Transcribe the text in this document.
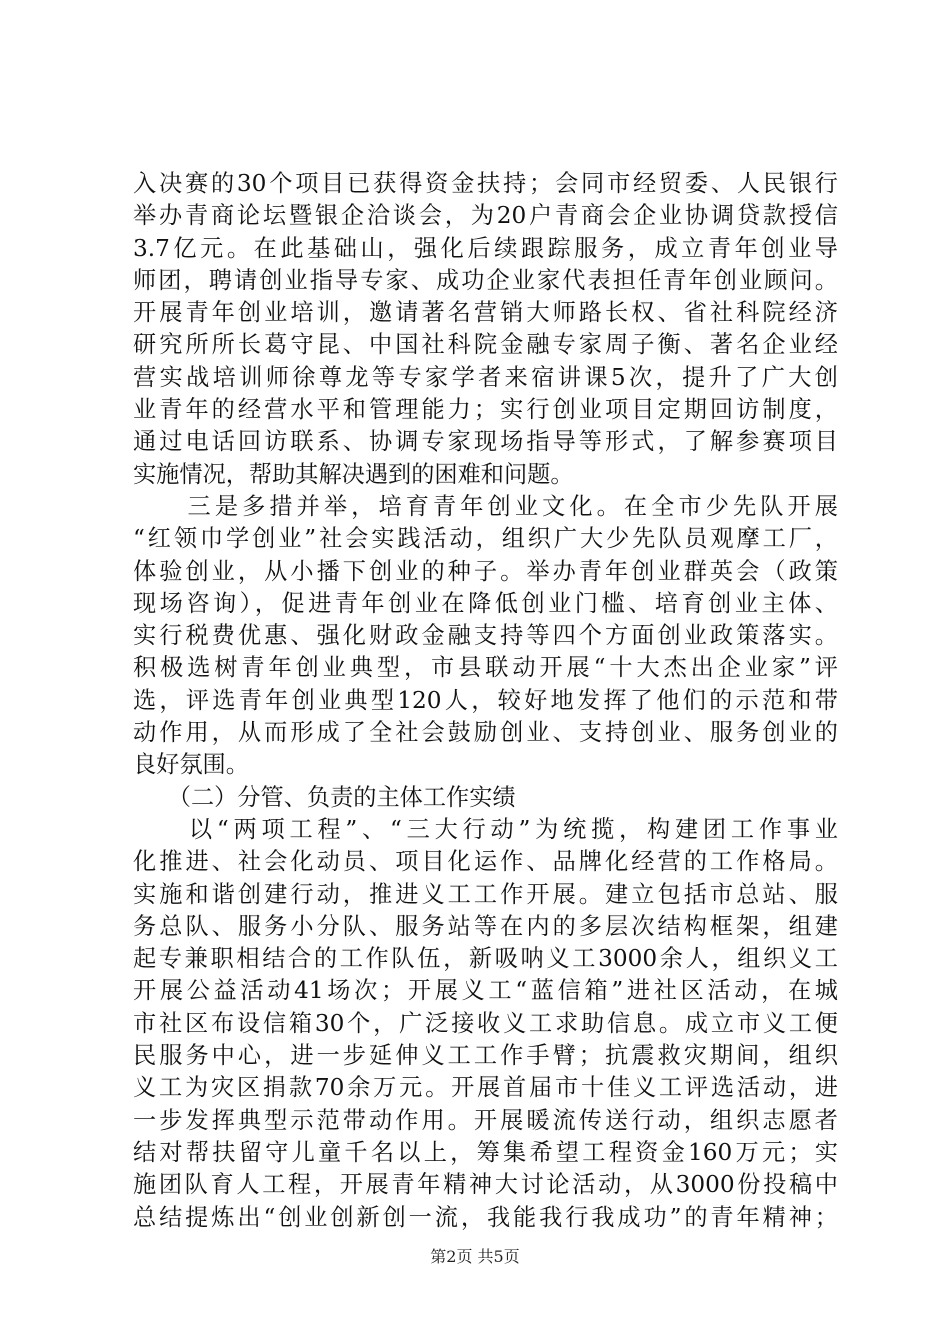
入决赛的30个项目已获得资金扶持；会同市经贸委、人民银行
举办青商论坛暨银企洽谈会，为20户青商会企业协调贷款授信
3.7亿元。在此基础山，强化后续跟踪服务，成立青年创业导
师团，聘请创业指导专家、成功企业家代表担任青年创业顾问。
开展青年创业培训，邀请著名营销大师路长权、省社科院经济
研究所所长葛守昆、中国社科院金融专家周子衡、著名企业经
营实战培训师徐尊龙等专家学者来宿讲课5次，提升了广大创
业青年的经营水平和管理能力；实行创业项目定期回访制度，
通过电话回访联系、协调专家现场指导等形式，了解参赛项目
实施情况，帮助其解决遇到的困难和问题。

　　三是多措并举，培育青年创业文化。在全市少先队开展
“红领巾学创业”社会实践活动，组织广大少先队员观摩工厂，
体验创业，从小播下创业的种子。举办青年创业群英会（政策
现场咨询），促进青年创业在降低创业门槛、培育创业主体、
实行税费优惠、强化财政金融支持等四个方面创业政策落实。
积极选树青年创业典型，市县联动开展“十大杰出企业家”评
选，评选青年创业典型120人，较好地发挥了他们的示范和带
动作用，从而形成了全社会鼓励创业、支持创业、服务创业的
良好氛围。

　　（二）分管、负责的主体工作实绩

　　以“两项工程”、“三大行动”为统揽，构建团工作事业
化推进、社会化动员、项目化运作、品牌化经营的工作格局。
实施和谐创建行动，推进义工工作开展。建立包括市总站、服
务总队、服务小分队、服务站等在内的多层次结构框架，组建
起专兼职相结合的工作队伍，新吸呐义工3000余人，组织义工
开展公益活动41场次；开展义工“蓝信箱”进社区活动，在城
市社区布设信箱30个，广泛接收义工求助信息。成立市义工便
民服务中心，进一步延伸义工工作手臂；抗震救灾期间，组织
义工为灾区捐款70余万元。开展首届市十佳义工评选活动，进
一步发挥典型示范带动作用。开展暖流传送行动，组织志愿者
结对帮扶留守儿童千名以上，筹集希望工程资金160万元；实
施团队育人工程，开展青年精神大讨论活动，从3000份投稿中
总结提炼出“创业创新创一流，我能我行我成功”的青年精神；

第2页 共5页
